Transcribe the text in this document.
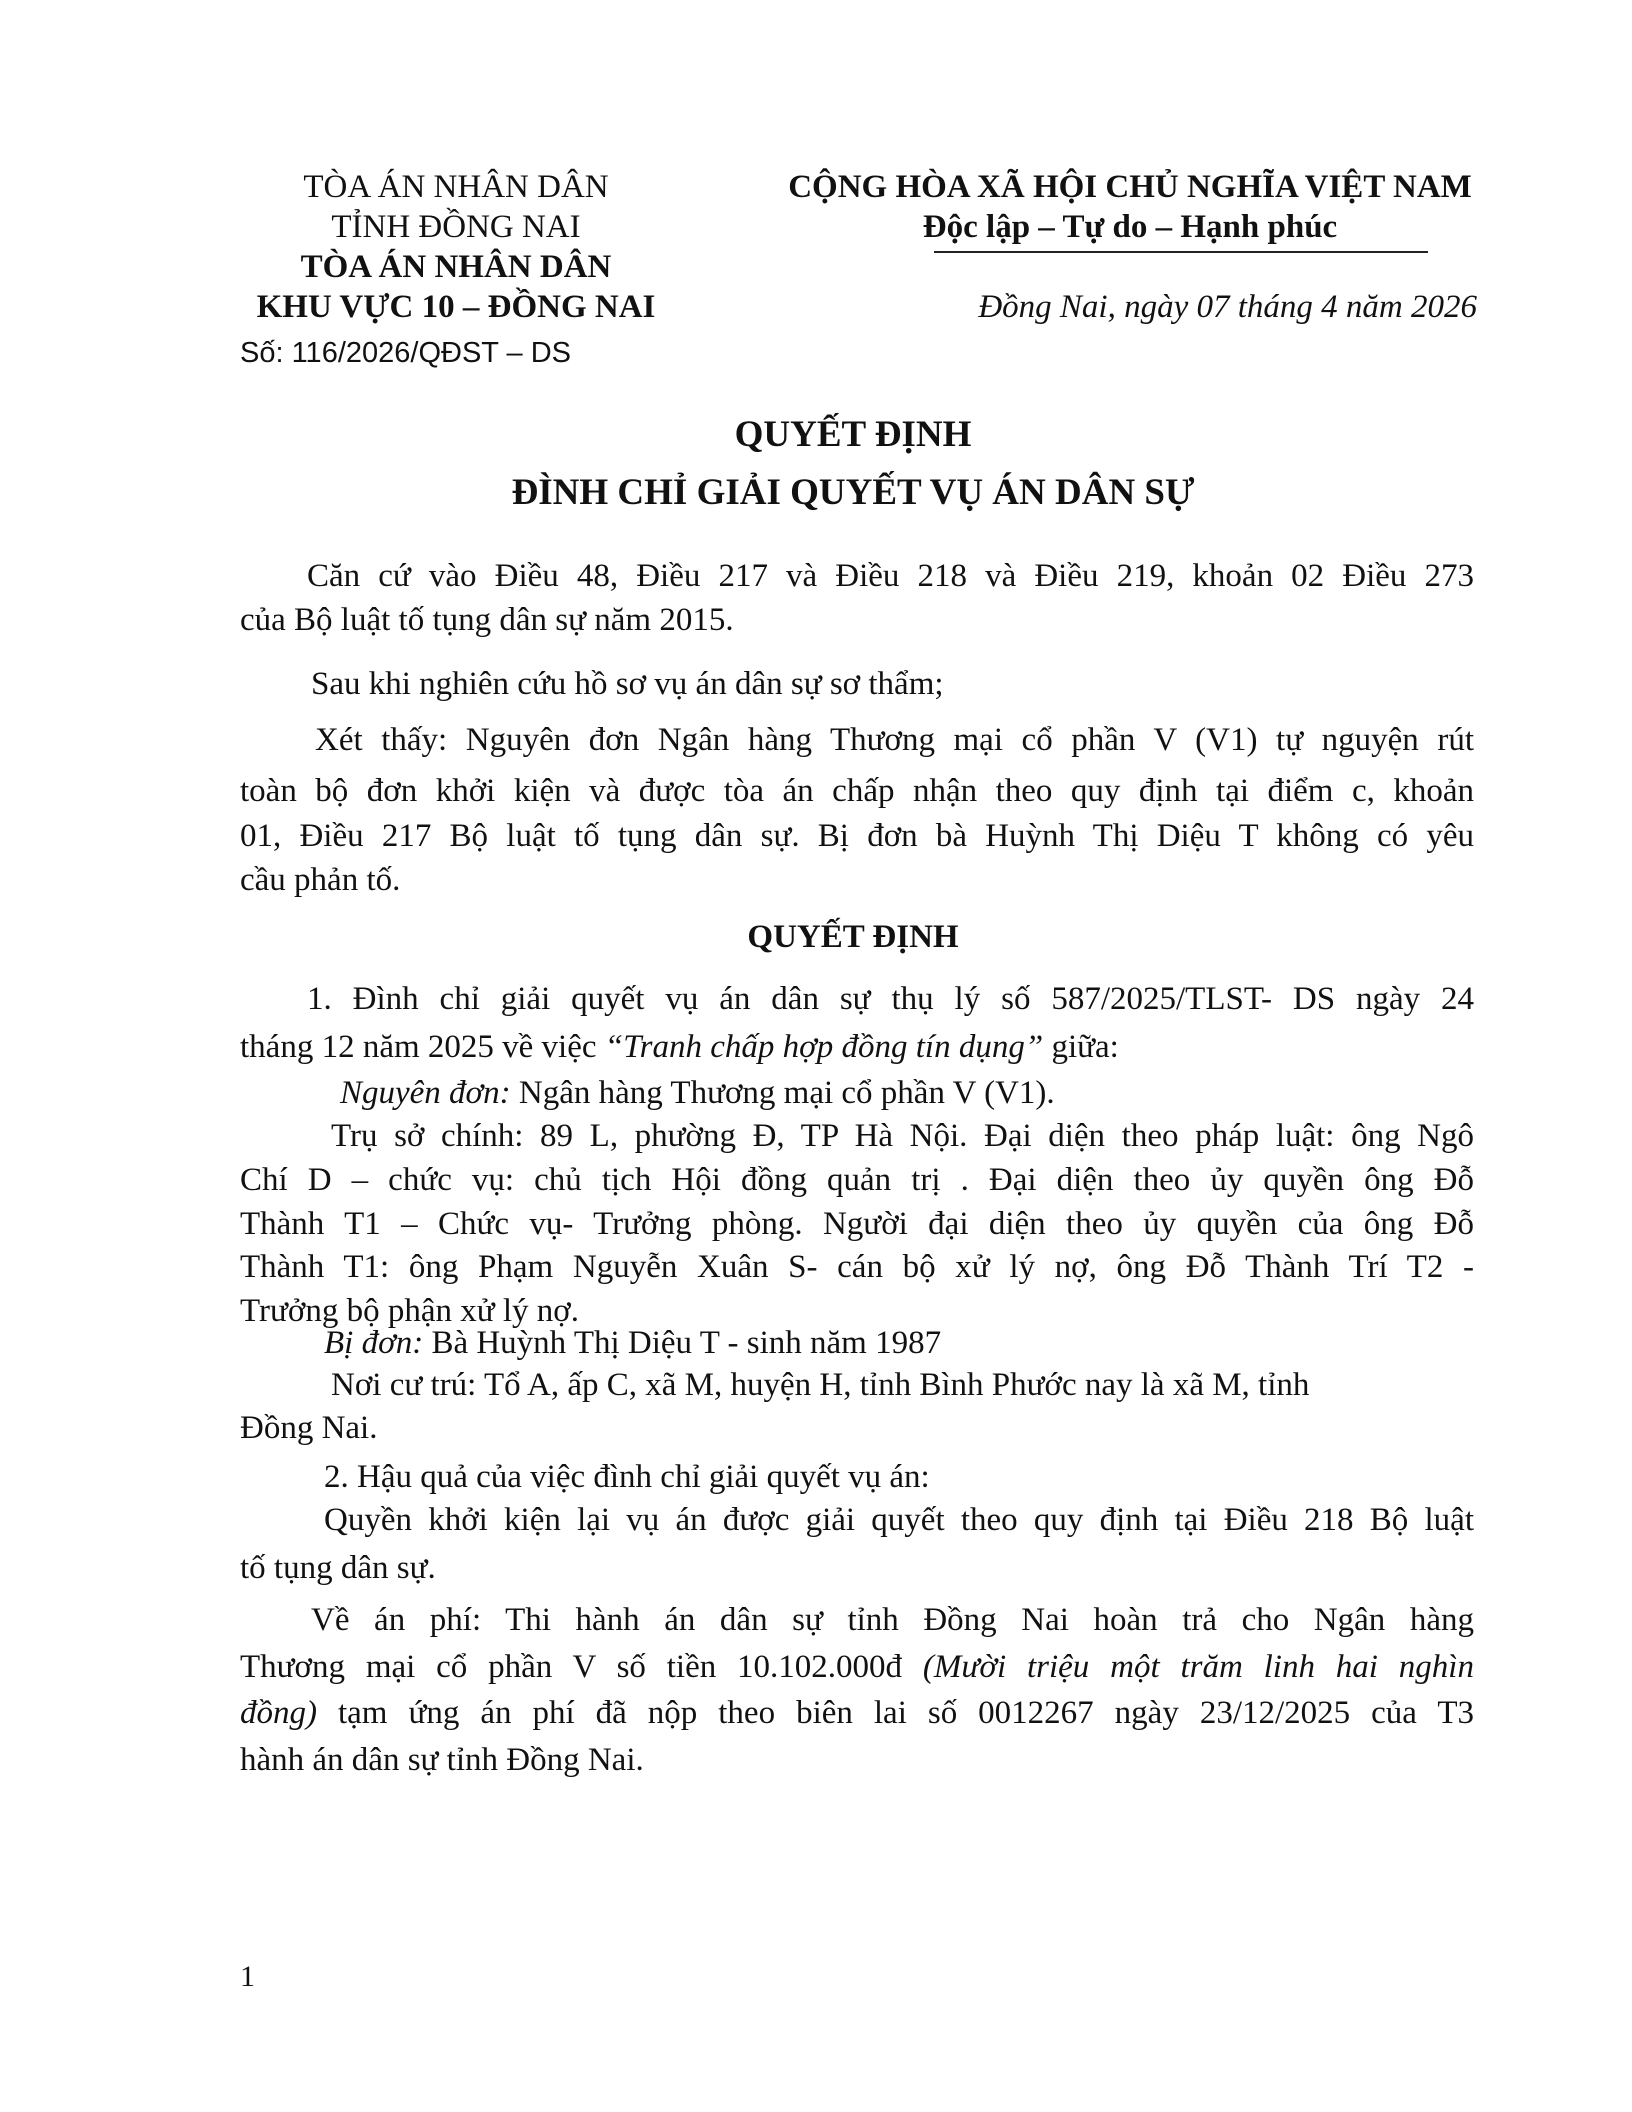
TÒA ÁN NHÂN DÂN
TỈNH ĐỒNG NAI
TÒA ÁN NHÂN DÂN
KHU VỰC 10 – ĐỒNG NAI
Số: 116/2026/QĐST – DS
CỘNG HÒA XÃ HỘI CHỦ NGHĨA VIỆT NAM
Độc lập – Tự do – Hạnh phúc
Đồng Nai, ngày 07 tháng 4 năm 2026
QUYẾT ĐỊNH
ĐÌNH CHỈ GIẢI QUYẾT VỤ ÁN DÂN SỰ
QUYẾT ĐỊNH
Căn cứ vào Điều 48, Điều 217 và Điều 218 và Điều 219, khoản 02 Điều 273
của Bộ luật tố tụng dân sự năm 2015.
Sau khi nghiên cứu hồ sơ vụ án dân sự sơ thẩm;
Xét thấy: Nguyên đơn Ngân hàng Thương mại cổ phần V (V1) tự nguyện rút
toàn bộ đơn khởi kiện và được tòa án chấp nhận theo quy định tại điểm c, khoản
01, Điều 217 Bộ luật tố tụng dân sự. Bị đơn bà Huỳnh Thị Diệu T không có yêu
cầu phản tố.
1. Đình chỉ giải quyết vụ án dân sự thụ lý số 587/2025/TLST- DS ngày 24
tháng 12 năm 2025 về việc “Tranh chấp hợp đồng tín dụng” giữa:
Nguyên đơn: Ngân hàng Thương mại cổ phần V (V1).
Trụ sở chính: 89 L, phường Đ, TP Hà Nội. Đại diện theo pháp luật: ông Ngô
Chí D – chức vụ: chủ tịch Hội đồng quản trị . Đại diện theo ủy quyền ông Đỗ
Thành T1 – Chức vụ- Trưởng phòng. Người đại diện theo ủy quyền của ông Đỗ
Thành T1: ông Phạm Nguyễn Xuân S- cán bộ xử lý nợ, ông Đỗ Thành Trí T2 -
Trưởng bộ phận xử lý nợ.
Bị đơn: Bà Huỳnh Thị Diệu T - sinh năm 1987
Nơi cư trú: Tổ A, ấp C, xã M, huyện H, tỉnh Bình Phước nay là xã M, tỉnh
Đồng Nai.
2. Hậu quả của việc đình chỉ giải quyết vụ án:
Quyền khởi kiện lại vụ án được giải quyết theo quy định tại Điều 218 Bộ luật
tố tụng dân sự.
Về án phí: Thi hành án dân sự tỉnh Đồng Nai hoàn trả cho Ngân hàng
Thương mại cổ phần V số tiền 10.102.000đ (Mười triệu một trăm linh hai nghìn
đồng) tạm ứng án phí đã nộp theo biên lai số 0012267 ngày 23/12/2025 của T3
hành án dân sự tỉnh Đồng Nai.
1
